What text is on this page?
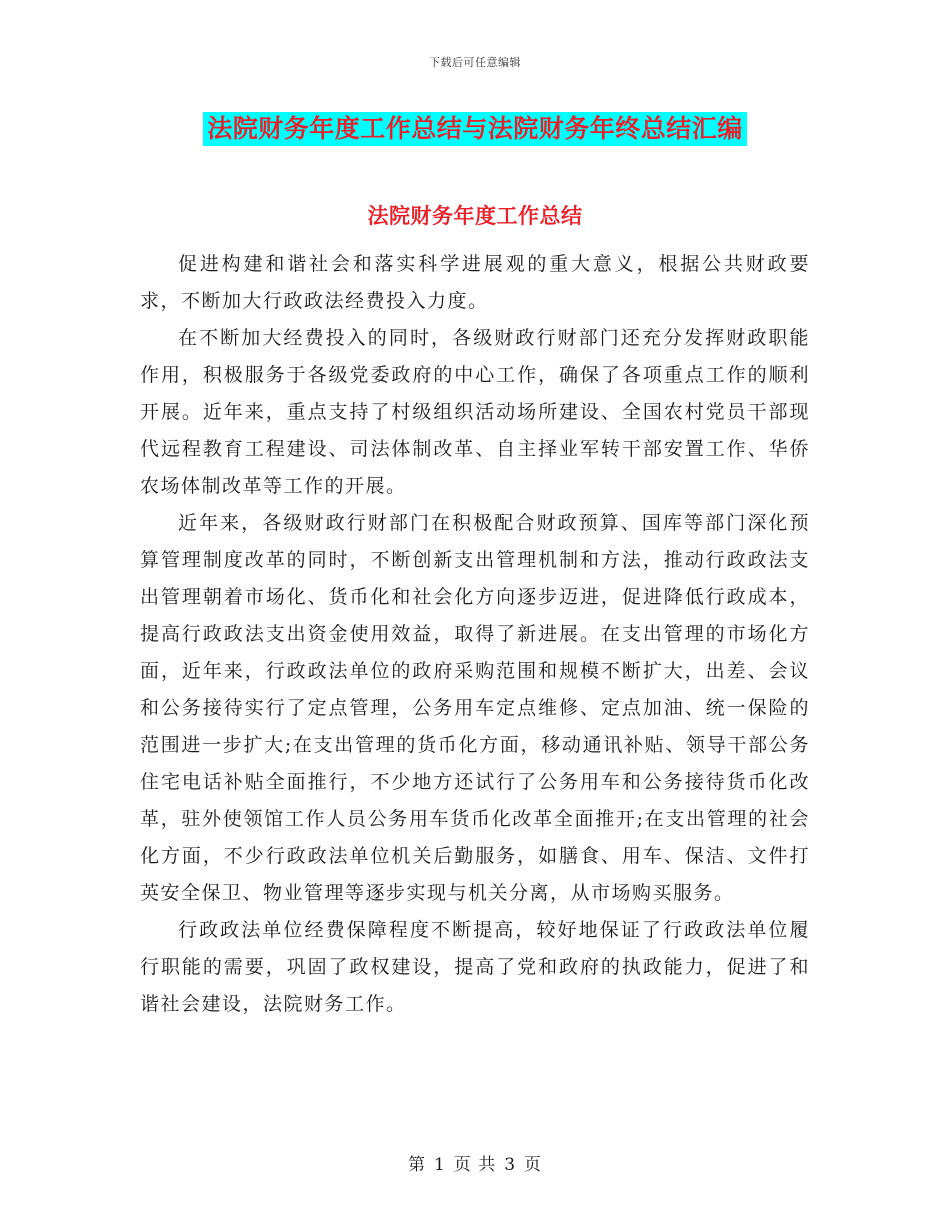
下载后可任意编辑
法院财务年度工作总结与法院财务年终总结汇编
法院财务年度工作总结

促进构建和谐社会和落实科学进展观的重大意义，根据公共财政要求，不断加大行政政法经费投入力度。

在不断加大经费投入的同时，各级财政行财部门还充分发挥财政职能作用，积极服务于各级党委政府的中心工作，确保了各项重点工作的顺利开展。近年来，重点支持了村级组织活动场所建设、全国农村党员干部现代远程教育工程建设、司法体制改革、自主择业军转干部安置工作、华侨农场体制改革等工作的开展。

近年来，各级财政行财部门在积极配合财政预算、国库等部门深化预算管理制度改革的同时，不断创新支出管理机制和方法，推动行政政法支出管理朝着市场化、货币化和社会化方向逐步迈进，促进降低行政成本，提高行政政法支出资金使用效益，取得了新进展。在支出管理的市场化方面，近年来，行政政法单位的政府采购范围和规模不断扩大，出差、会议和公务接待实行了定点管理，公务用车定点维修、定点加油、统一保险的范围进一步扩大;在支出管理的货币化方面，移动通讯补贴、领导干部公务住宅电话补贴全面推行，不少地方还试行了公务用车和公务接待货币化改革，驻外使领馆工作人员公务用车货币化改革全面推开;在支出管理的社会化方面，不少行政政法单位机关后勤服务，如膳食、用车、保洁、文件打英安全保卫、物业管理等逐步实现与机关分离，从市场购买服务。

行政政法单位经费保障程度不断提高，较好地保证了行政政法单位履行职能的需要，巩固了政权建设，提高了党和政府的执政能力，促进了和谐社会建设，法院财务工作。

第 1 页 共 3 页
